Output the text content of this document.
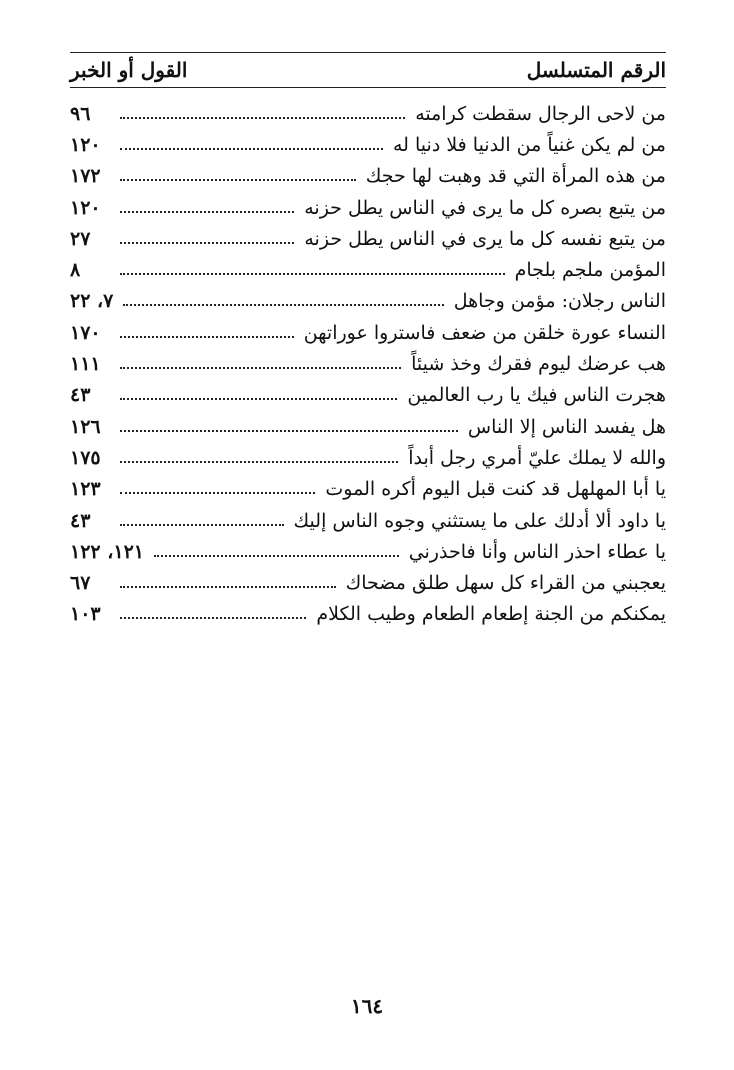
القول أو الخبر	الرقم المتسلسل
من لاحى الرجال سقطت كرامته
٩٦
من لم يكن غنياً من الدنيا فلا دنيا له
١٢٠
من هذه المرأة التي قد وهبت لها حجك
١٧٢
من يتبع بصره كل ما يرى في الناس يطل حزنه
١٢٠
من يتبع نفسه كل ما يرى في الناس يطل حزنه
٢٧
المؤمن ملجم بلجام
٨
الناس رجلان: مؤمن وجاهل
٧، ٢٢
النساء عورة خلقن من ضعف فاستروا عوراتهن
١٧٠
هب عرضك ليوم فقرك وخذ شيئاً
١١١
هجرت الناس فيك يا رب العالمين
٤٣
هل يفسد الناس إلا الناس
١٢٦
والله لا يملك عليّ أمري رجل أبداً
١٧٥
يا أبا المهلهل قد كنت قبل اليوم أكره الموت
١٢٣
يا داود ألا أدلك على ما يستثني وجوه الناس إليك
٤٣
يا عطاء احذر الناس وأنا فاحذرني
١٢١، ١٢٢
يعجبني من القراء كل سهل طلق مضحاك
٦٧
يمكنكم من الجنة إطعام الطعام وطيب الكلام
١٠٣
١٦٤
